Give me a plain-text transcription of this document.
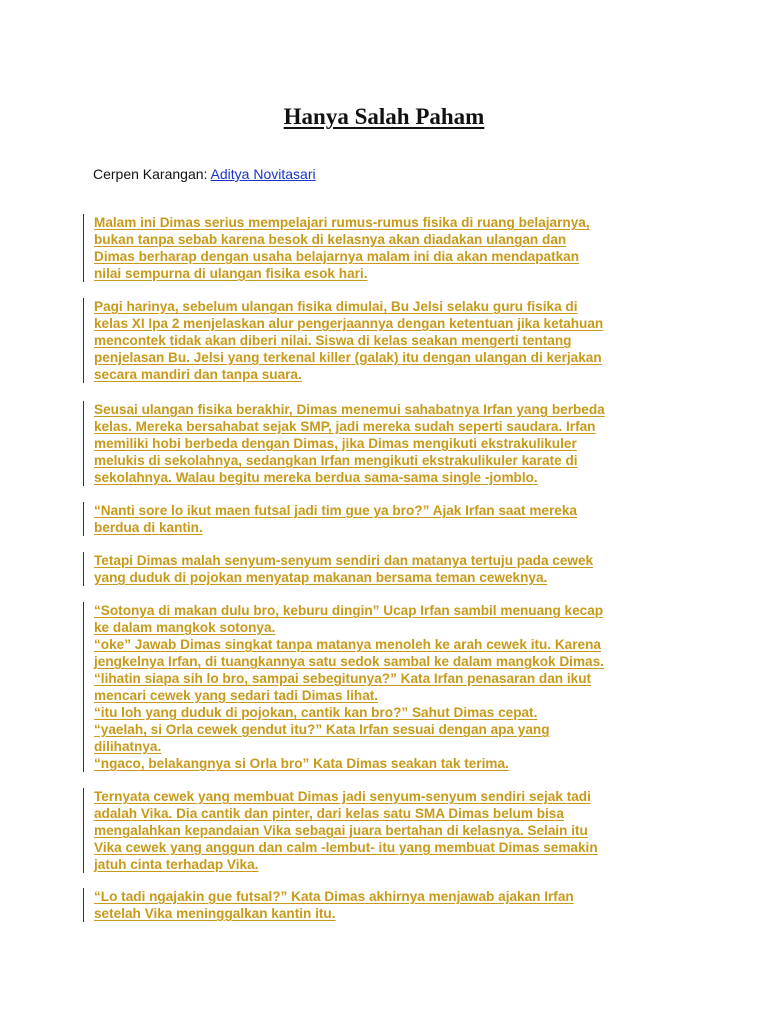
Hanya Salah Paham
Cerpen Karangan: Aditya Novitasari
Malam ini Dimas serius mempelajari rumus-rumus fisika di ruang belajarnya,
bukan tanpa sebab karena besok di kelasnya akan diadakan ulangan dan
Dimas berharap dengan usaha belajarnya malam ini dia akan mendapatkan
nilai sempurna di ulangan fisika esok hari.
Pagi harinya, sebelum ulangan fisika dimulai, Bu Jelsi selaku guru fisika di
kelas XI Ipa 2 menjelaskan alur pengerjaannya dengan ketentuan jika ketahuan
mencontek tidak akan diberi nilai. Siswa di kelas seakan mengerti tentang
penjelasan Bu. Jelsi yang terkenal killer (galak) itu dengan ulangan di kerjakan
secara mandiri dan tanpa suara.
Seusai ulangan fisika berakhir, Dimas menemui sahabatnya Irfan yang berbeda
kelas. Mereka bersahabat sejak SMP, jadi mereka sudah seperti saudara. Irfan
memiliki hobi berbeda dengan Dimas, jika Dimas mengikuti ekstrakulikuler
melukis di sekolahnya, sedangkan Irfan mengikuti ekstrakulikuler karate di
sekolahnya. Walau begitu mereka berdua sama-sama single -jomblo.
“Nanti sore lo ikut maen futsal jadi tim gue ya bro?” Ajak Irfan saat mereka
berdua di kantin.
Tetapi Dimas malah senyum-senyum sendiri dan matanya tertuju pada cewek
yang duduk di pojokan menyatap makanan bersama teman ceweknya.
“Sotonya di makan dulu bro, keburu dingin” Ucap Irfan sambil menuang kecap
ke dalam mangkok sotonya.
“oke” Jawab Dimas singkat tanpa matanya menoleh ke arah cewek itu. Karena
jengkelnya Irfan, di tuangkannya satu sedok sambal ke dalam mangkok Dimas.
“lihatin siapa sih lo bro, sampai sebegitunya?” Kata Irfan penasaran dan ikut
mencari cewek yang sedari tadi Dimas lihat.
“itu loh yang duduk di pojokan, cantik kan bro?” Sahut Dimas cepat.
“yaelah, si Orla cewek gendut itu?” Kata Irfan sesuai dengan apa yang
dilihatnya.
“ngaco, belakangnya si Orla bro” Kata Dimas seakan tak terima.
Ternyata cewek yang membuat Dimas jadi senyum-senyum sendiri sejak tadi
adalah Vika. Dia cantik dan pinter, dari kelas satu SMA Dimas belum bisa
mengalahkan kepandaian Vika sebagai juara bertahan di kelasnya. Selain itu
Vika cewek yang anggun dan calm -lembut- itu yang membuat Dimas semakin
jatuh cinta terhadap Vika.
“Lo tadi ngajakin gue futsal?” Kata Dimas akhirnya menjawab ajakan Irfan
setelah Vika meninggalkan kantin itu.
